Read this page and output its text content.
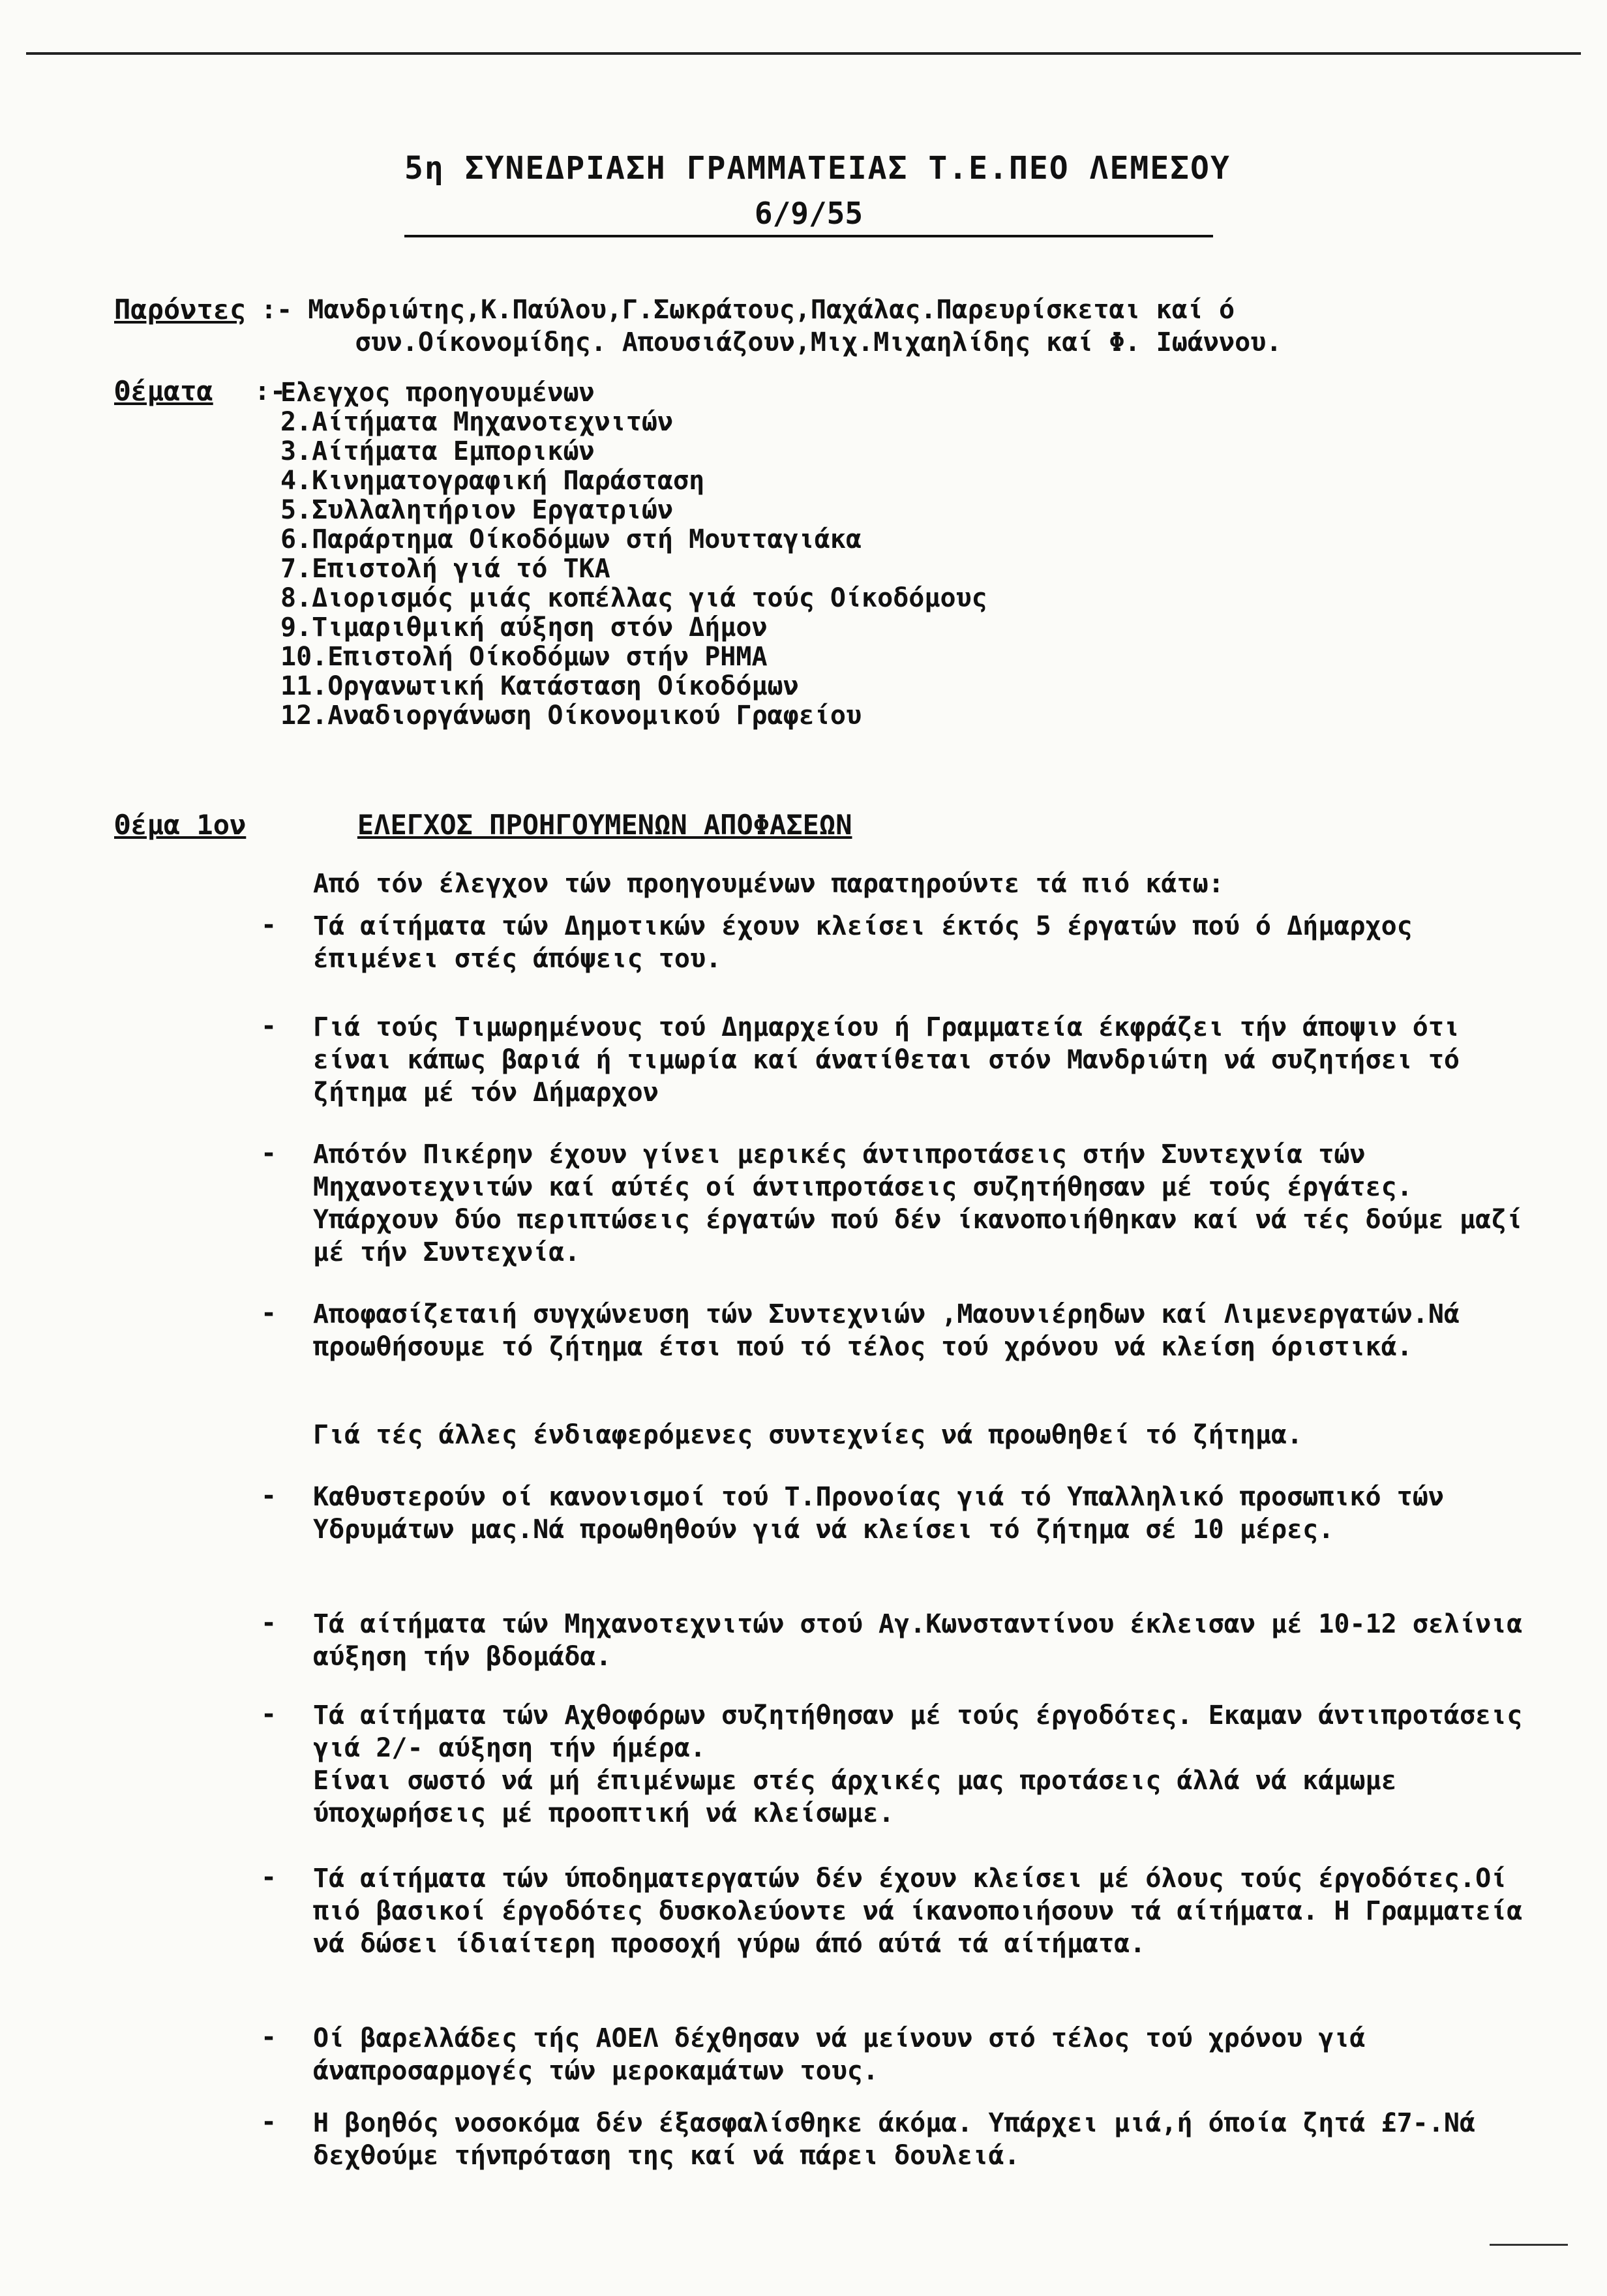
5η ΣΥΝΕΔΡΙΑΣΗ ΓΡΑΜΜΑΤΕΙΑΣ Τ.Ε.ΠΕΟ ΛΕΜΕΣΟΥ
6/9/55
Παρόντες :- Μανδριώτης,Κ.Παύλου,Γ.Σωκράτους,Παχάλας.Παρευρίσκεται καί ό
συν.Οίκονομίδης. Απουσιάζουν,Μιχ.Μιχαηλίδης καί Φ. Ιωάννου.
Θέματα :-
Ελεγχος προηγουμένων
2.Αίτήματα Μηχανοτεχνιτών
3.Αίτήματα Εμπορικών
4.Κινηματογραφική Παράσταση
5.Συλλαλητήριον Εργατριών
6.Παράρτημα Οίκοδόμων στή Μουτταγιάκα
7.Επιστολή γιά τό ΤΚΑ
8.Διορισμός μιάς κοπέλλας γιά τούς Οίκοδόμους
9.Τιμαριθμική αύξηση στόν Δήμον
10.Επιστολή Οίκοδόμων στήν ΡΗΜΑ
11.Οργανωτική Κατάσταση Οίκοδόμων
12.Αναδιοργάνωση Οίκονομικού Γραφείου
Θέμα 1ον	ΕΛΕΓΧΟΣ ΠΡΟΗΓΟΥΜΕΝΩΝ ΑΠΟΦΑΣΕΩΝ
Από τόν έλεγχον τών προηγουμένων παρατηρούντε τά πιό κάτω:
- Τά αίτήματα τών Δημοτικών έχουν κλείσει έκτός 5 έργατών πού ό Δήμαρχος έπιμένει στές άπόψεις του.
- Γιά τούς Τιμωρημένους τού Δημαρχείου ή Γραμματεία έκφράζει τήν άποψιν ότι είναι κάπως βαριά ή τιμωρία καί άνατίθεται στόν Μανδριώτη νά συζητήσει τό ζήτημα μέ τόν Δήμαρχον
- Απότόν Πικέρην έχουν γίνει μερικές άντιπροτάσεις στήν Συντεχνία τών Μηχανοτεχνιτών καί αύτές οί άντιπροτάσεις συζητήθησαν μέ τούς έργάτες. Υπάρχουν δύο περιπτώσεις έργατών πού δέν ίκανοποιήθηκαν καί νά τές δούμε μαζί μέ τήν Συντεχνία.
- Αποφασίζεταιή συγχώνευση τών Συντεχνιών ,Μαουνιέρηδων καί Λιμενεργατών.Νά προωθήσουμε τό ζήτημα έτσι πού τό τέλος τού χρόνου νά κλείση όριστικά.
Γιά τές άλλες ένδιαφερόμενες συντεχνίες νά προωθηθεί τό ζήτημα.
- Καθυστερούν οί κανονισμοί τού Τ.Προνοίας γιά τό Υπαλληλικό προσωπικό τών Υδρυμάτων μας.Νά προωθηθούν γιά νά κλείσει τό ζήτημα σέ 10 μέρες.
- Τά αίτήματα τών Μηχανοτεχνιτών στού Αγ.Κωνσταντίνου έκλεισαν μέ 10-12 σελίνια αύξηση τήν βδομάδα.
- Τά αίτήματα τών Αχθοφόρων συζητήθησαν μέ τούς έργοδότες. Εκαμαν άντιπροτάσεις γιά 2/- αύξηση τήν ήμέρα.
Είναι σωστό νά μή έπιμένωμε στές άρχικές μας προτάσεις άλλά νά κάμωμε ύποχωρήσεις μέ προοπτική νά κλείσωμε.
- Τά αίτήματα τών ύποδηματεργατών δέν έχουν κλείσει μέ όλους τούς έργοδότες.Οί πιό βασικοί έργοδότες δυσκολεύοντε νά ίκανοποιήσουν τά αίτήματα. Η Γραμματεία νά δώσει ίδιαίτερη προσοχή γύρω άπό αύτά τά αίτήματα.
- Οί βαρελλάδες τής ΑΟΕΛ δέχθησαν νά μείνουν στό τέλος τού χρόνου γιά άναπροσαρμογές τών μεροκαμάτων τους.
- Η βοηθός νοσοκόμα δέν έξασφαλίσθηκε άκόμα. Υπάρχει μιά,ή όποία ζητά £7-.Νά δεχθούμε τήνπρόταση της καί νά πάρει δουλειά.
